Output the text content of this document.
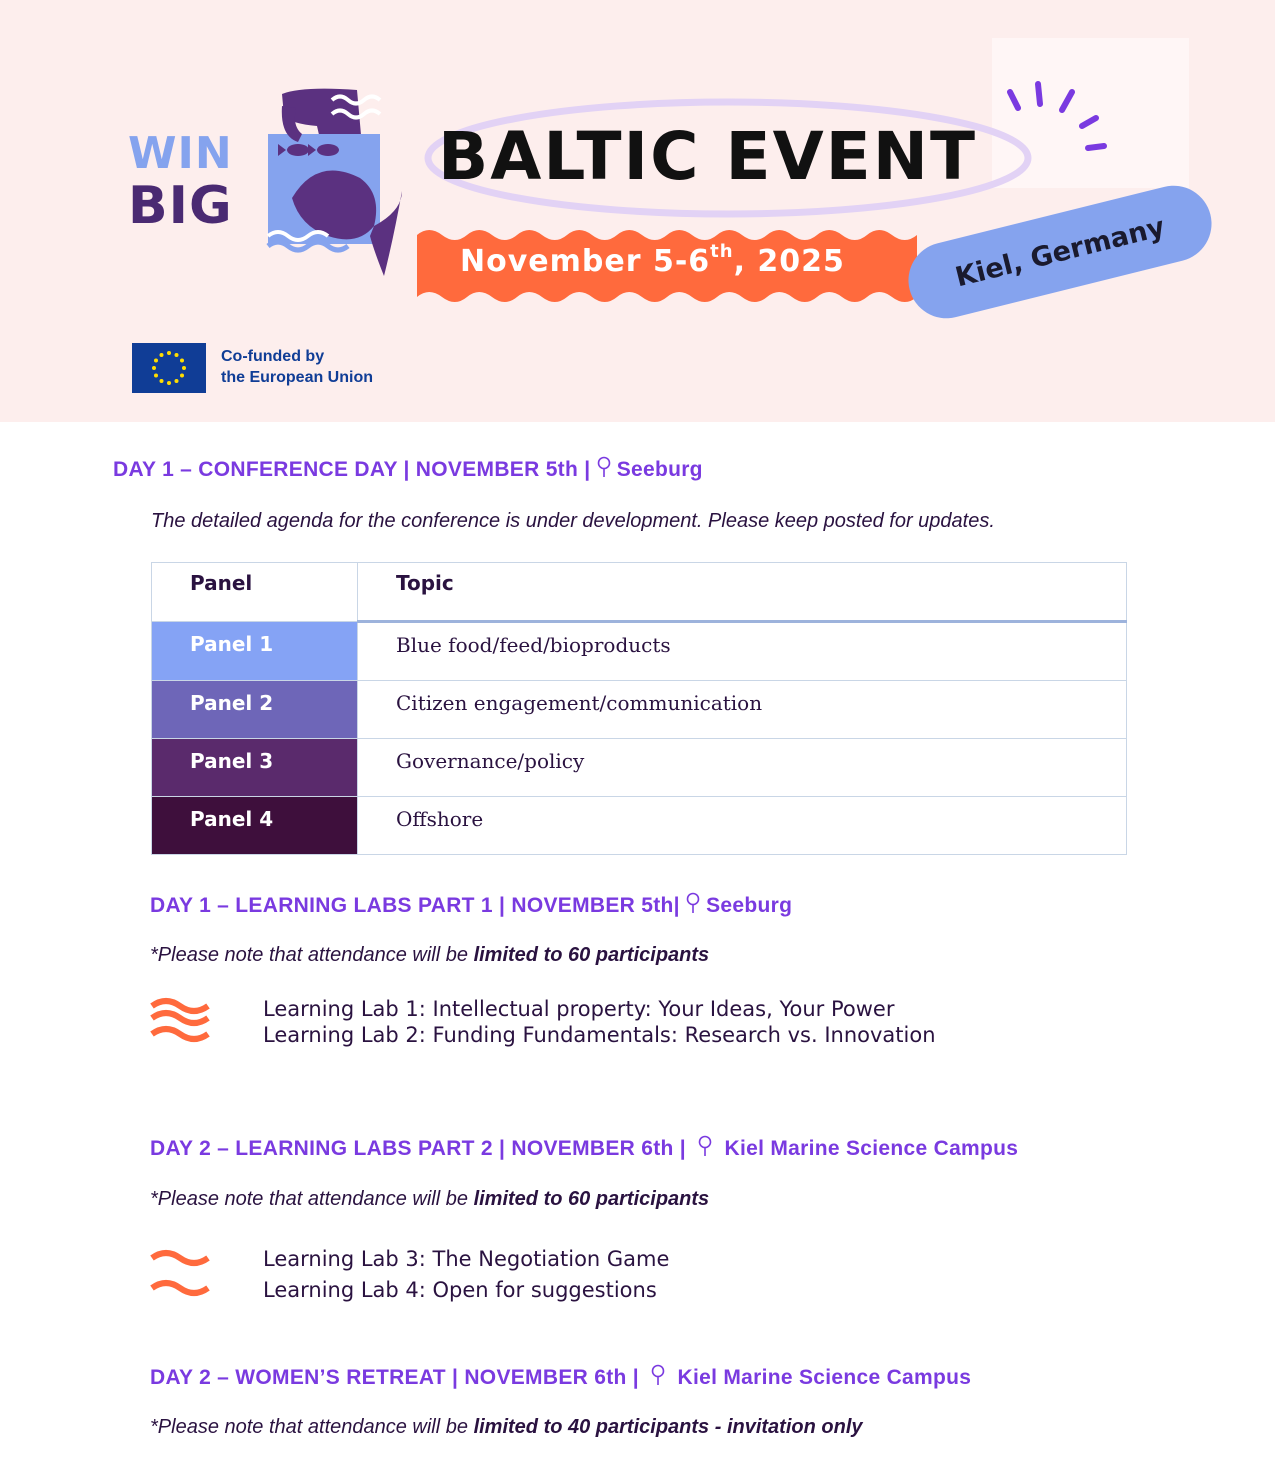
WIN
BIG
BALTIC EVENT
November 5-6th, 2025	Kiel, Germany
Co-funded by
the European Union
DAY 1 – CONFERENCE DAY | NOVEMBER 5th | Seeburg
The detailed agenda for the conference is under development. Please keep posted for updates.
Panel	Topic

Panel 1	Blue food/feed/bioproducts

Panel 2	Citizen engagement/communication

Panel 3	Governance/policy

Panel 4	Offshore
DAY 1 – LEARNING LABS PART 1 | NOVEMBER 5th| Seeburg
*Please note that attendance will be limited to 60 participants
Learning Lab 1: Intellectual property: Your Ideas, Your Power
Learning Lab 2: Funding Fundamentals: Research vs. Innovation
DAY 2 – LEARNING LABS PART 2 | NOVEMBER 6th | Kiel Marine Science Campus
*Please note that attendance will be limited to 60 participants
Learning Lab 3: The Negotiation Game
Learning Lab 4: Open for suggestions
DAY 2 – WOMEN’S RETREAT | NOVEMBER 6th | Kiel Marine Science Campus
*Please note that attendance will be limited to 40 participants - invitation only
